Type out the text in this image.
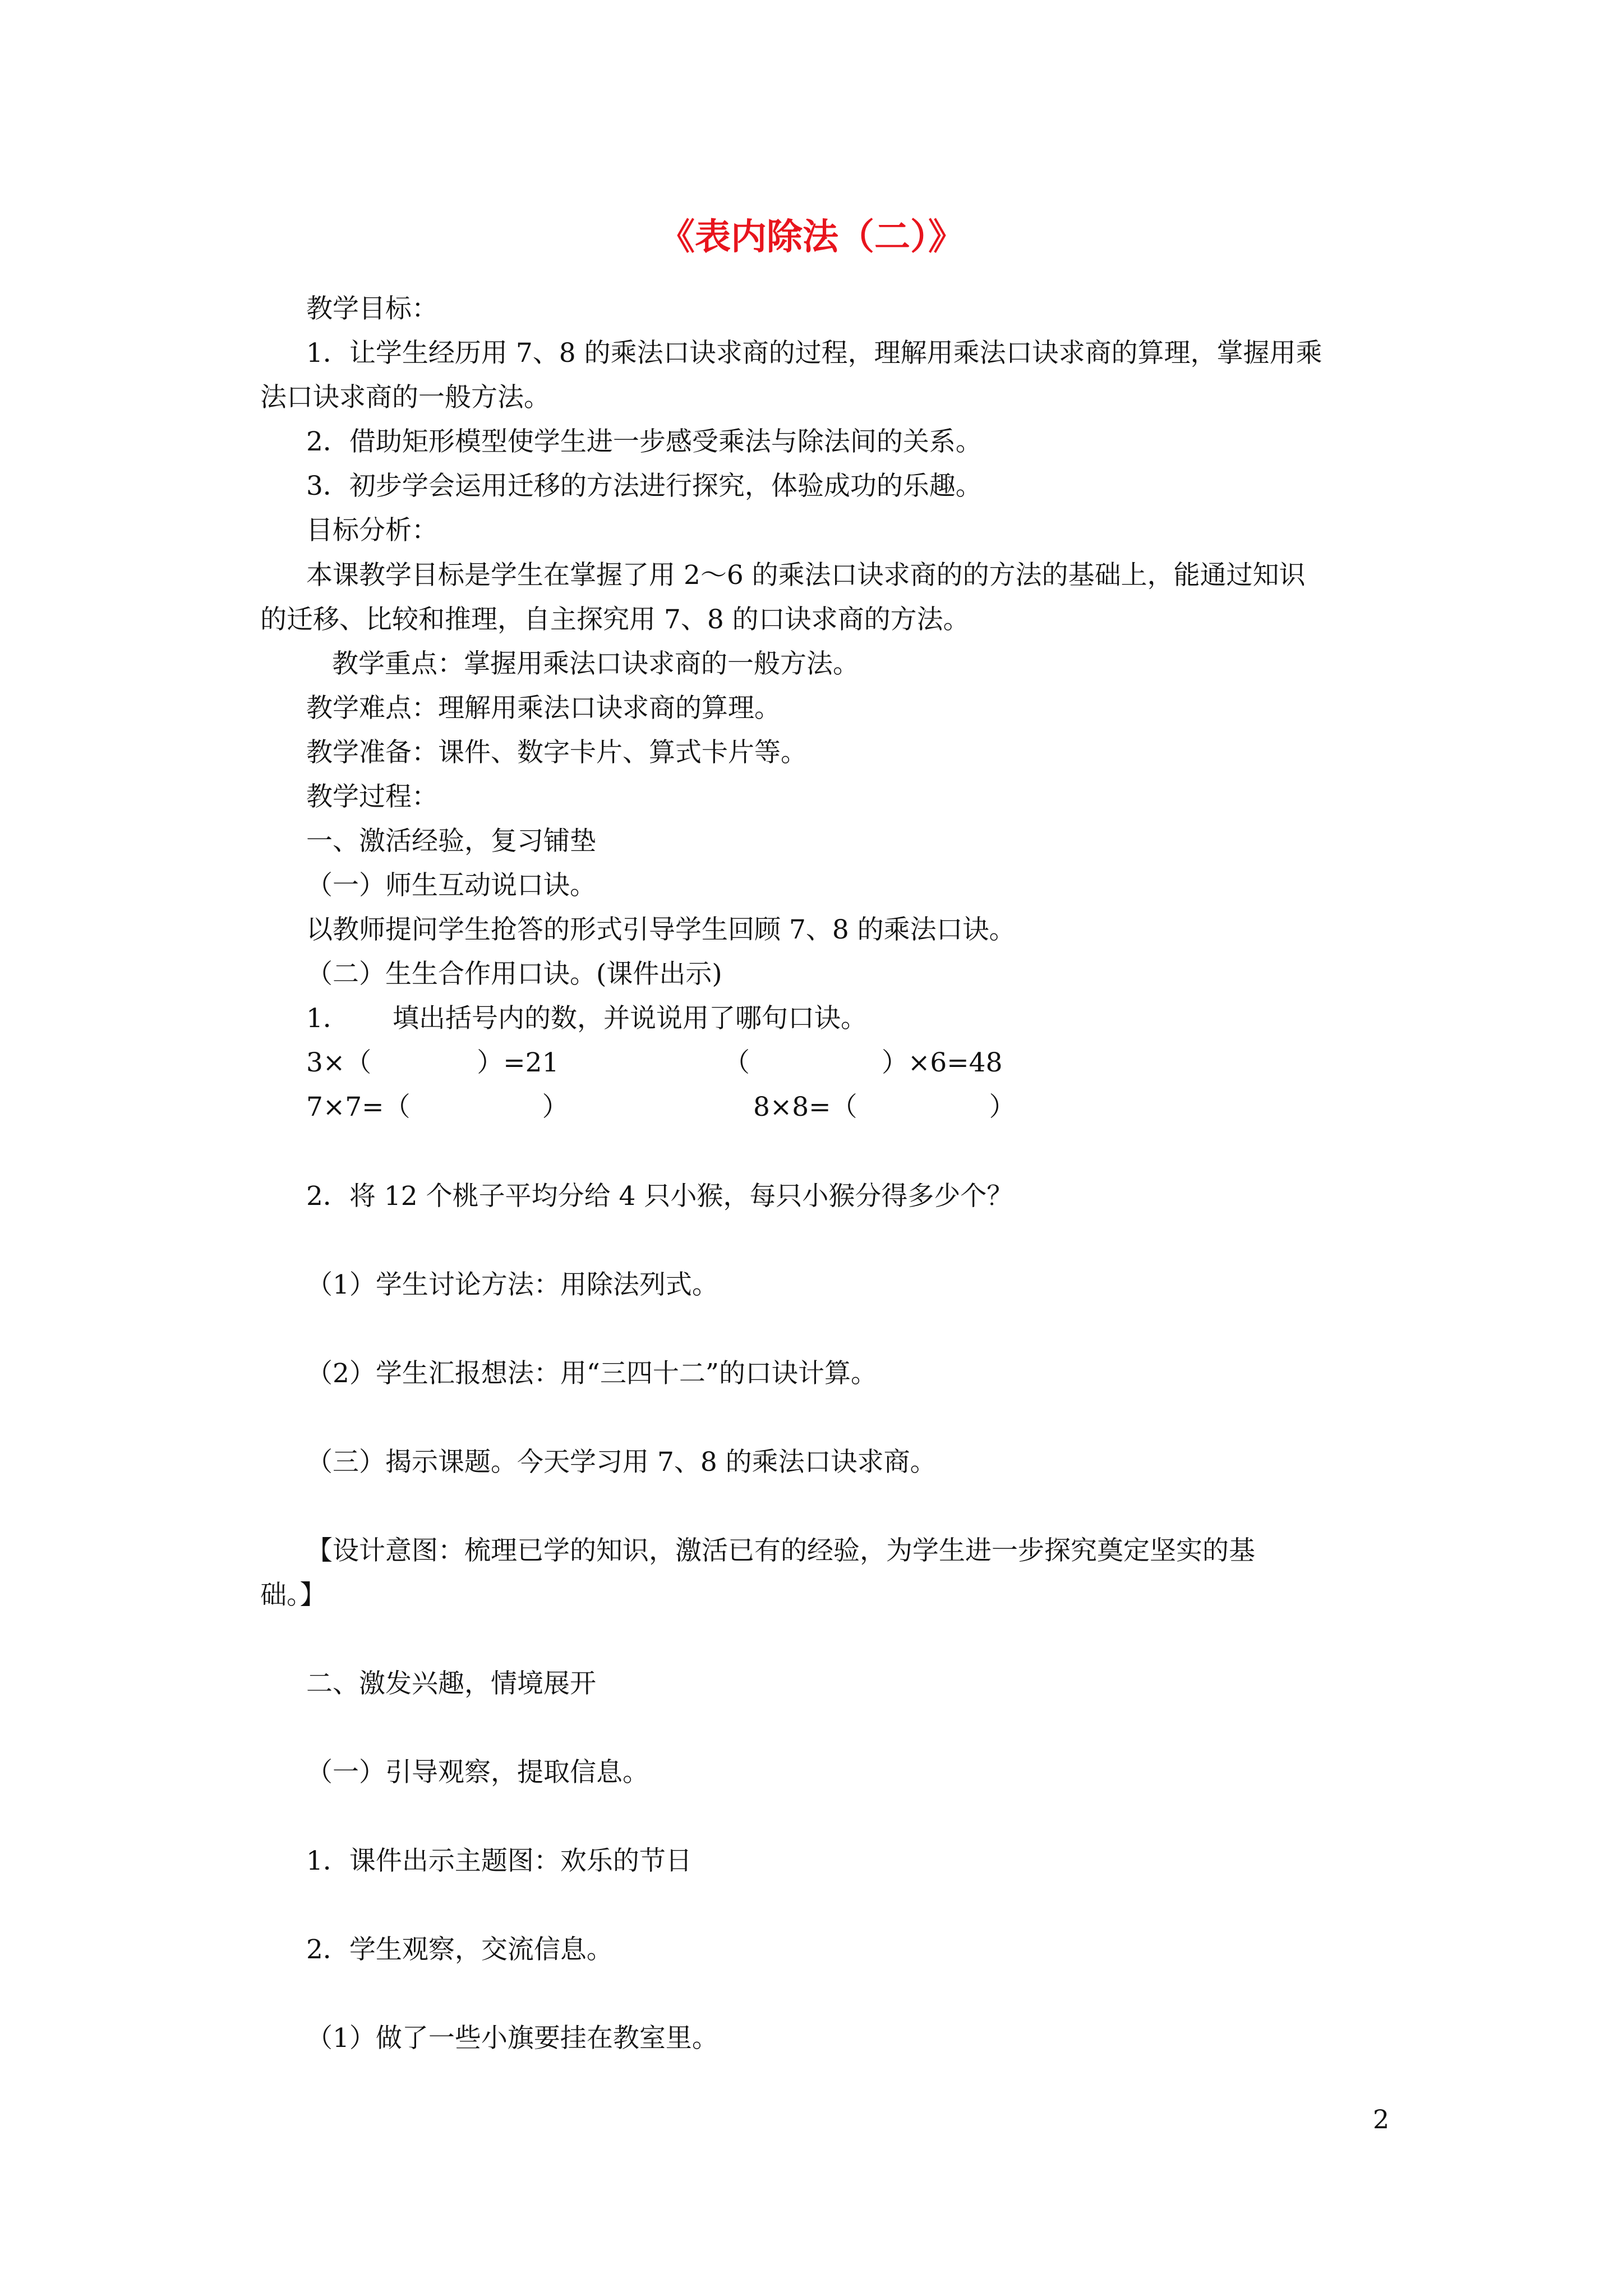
《表内除法（二）》

教学目标：

1．让学生经历用 7、8 的乘法口诀求商的过程，理解用乘法口诀求商的算理，掌握用乘

法口诀求商的一般方法。

2．借助矩形模型使学生进一步感受乘法与除法间的关系。

3．初步学会运用迁移的方法进行探究，体验成功的乐趣。

目标分析：

本课教学目标是学生在掌握了用 2～6 的乘法口诀求商的的方法的基础上，能通过知识

的迁移、比较和推理，自主探究用 7、8 的口诀求商的方法。

教学重点：掌握用乘法口诀求商的一般方法。

教学难点：理解用乘法口诀求商的算理。

教学准备：课件、数字卡片、算式卡片等。

教学过程：

一、激活经验，复习铺垫

（一）师生互动说口诀。

以教师提问学生抢答的形式引导学生回顾 7、8 的乘法口诀。

（二）生生合作用口诀。(课件出示)

1． 填出括号内的数，并说说用了哪句口诀。

3×（　　　　）=21	（　　　　　）×6=48

7×7=（　　　　　）	8×8=（　　　　　）

2．将 12 个桃子平均分给 4 只小猴，每只小猴分得多少个？

（1）学生讨论方法：用除法列式。

（2）学生汇报想法：用“三四十二”的口诀计算。

（三）揭示课题。今天学习用 7、8 的乘法口诀求商。

【设计意图：梳理已学的知识，激活已有的经验，为学生进一步探究奠定坚实的基

础。】

二、激发兴趣，情境展开

（一）引导观察，提取信息。

1．课件出示主题图：欢乐的节日

2．学生观察，交流信息。

（1）做了一些小旗要挂在教室里。

2
